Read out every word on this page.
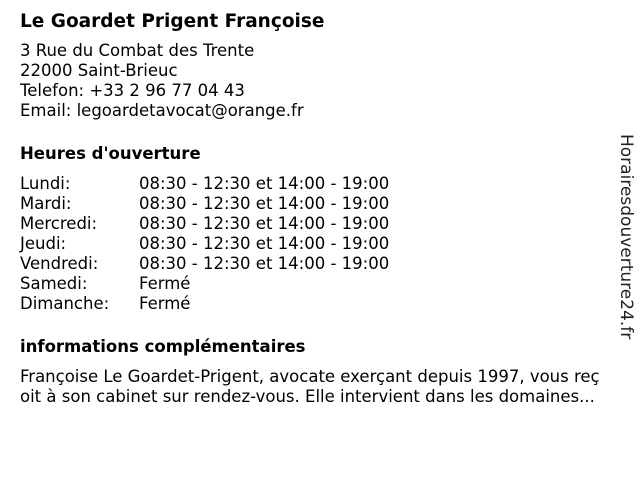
Le Goardet Prigent Françoise
3 Rue du Combat des Trente
22000 Saint-Brieuc
Telefon: +33 2 96 77 04 43
Email: legoardetavocat@orange.fr
Heures d'ouverture
Lundi:	08:30 - 12:30 et 14:00 - 19:00
Mardi:	08:30 - 12:30 et 14:00 - 19:00
Mercredi:	08:30 - 12:30 et 14:00 - 19:00
Jeudi:	08:30 - 12:30 et 14:00 - 19:00
Vendredi:	08:30 - 12:30 et 14:00 - 19:00
Samedi:	Fermé
Dimanche:	Fermé
informations complémentaires
Françoise Le Goardet-Prigent, avocate exerçant depuis 1997, vous reç
oit à son cabinet sur rendez-vous. Elle intervient dans les domaines...
Horairesdouverture24.fr
